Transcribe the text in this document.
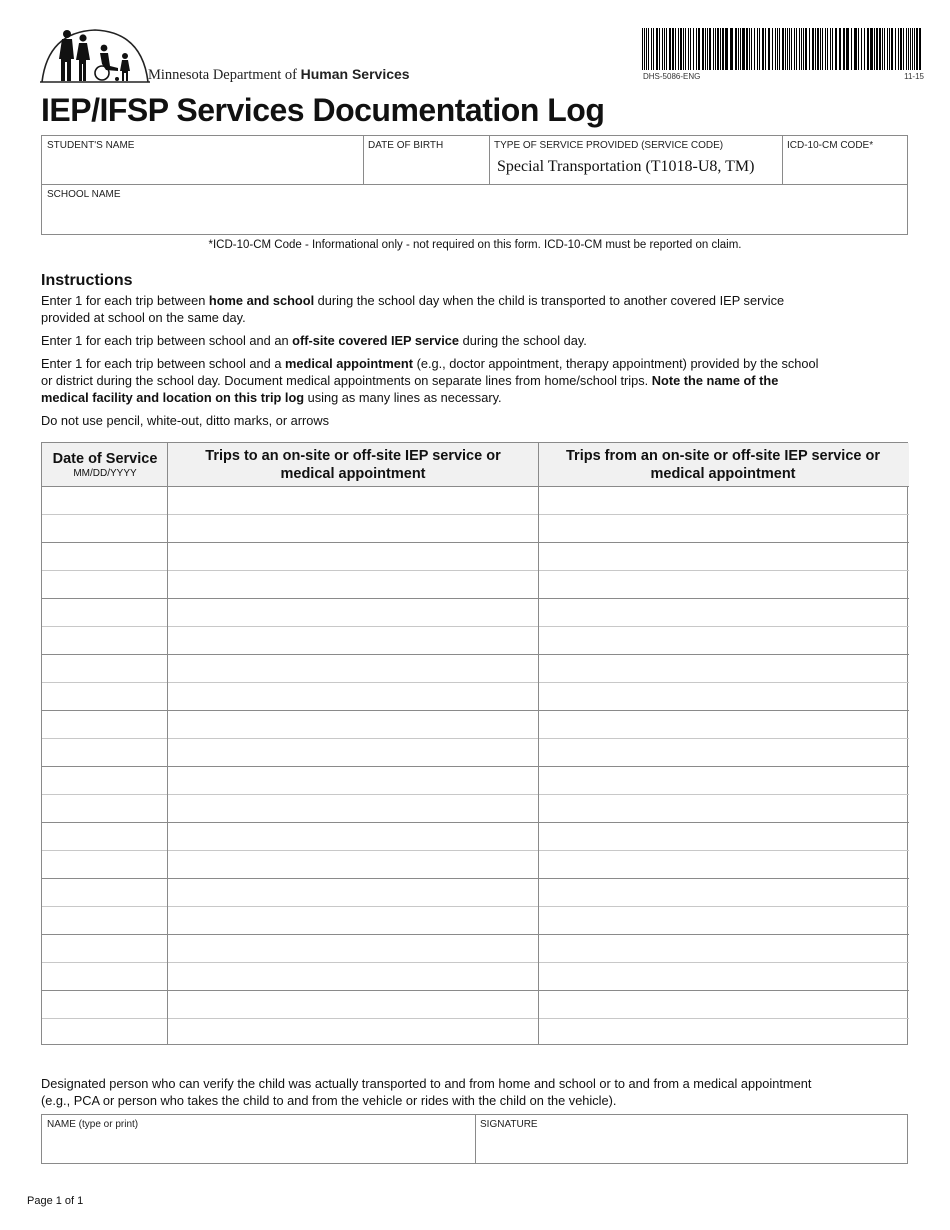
Minnesota Department of Human Services	DHS-5086-ENG	11-15
IEP/IFSP Services Documentation Log
STUDENT'S NAME	DATE OF BIRTH	TYPE OF SERVICE PROVIDED (SERVICE CODE)
Special Transportation (T1018-U8, TM)
ICD-10-CM CODE*
SCHOOL NAME
*ICD-10-CM Code - Informational only - not required on this form. ICD-10-CM must be reported on claim.
Instructions
Enter 1 for each trip between home and school during the school day when the child is transported to another covered IEP service provided at school on the same day.
Enter 1 for each trip between school and an off-site covered IEP service during the school day.
Enter 1 for each trip between school and a medical appointment (e.g., doctor appointment, therapy appointment) provided by the school or district during the school day. Document medical appointments on separate lines from home/school trips. Note the name of the medical facility and location on this trip log using as many lines as necessary.
Do not use pencil, white-out, ditto marks, or arrows
Date of Service
MM/DD/YYYY
Trips to an on-site or off-site IEP service or medical appointment
Trips from an on-site or off-site IEP service or medical appointment
Designated person who can verify the child was actually transported to and from home and school or to and from a medical appointment
(e.g., PCA or person who takes the child to and from the vehicle or rides with the child on the vehicle).
NAME (type or print)	SIGNATURE
Page 1 of 1
